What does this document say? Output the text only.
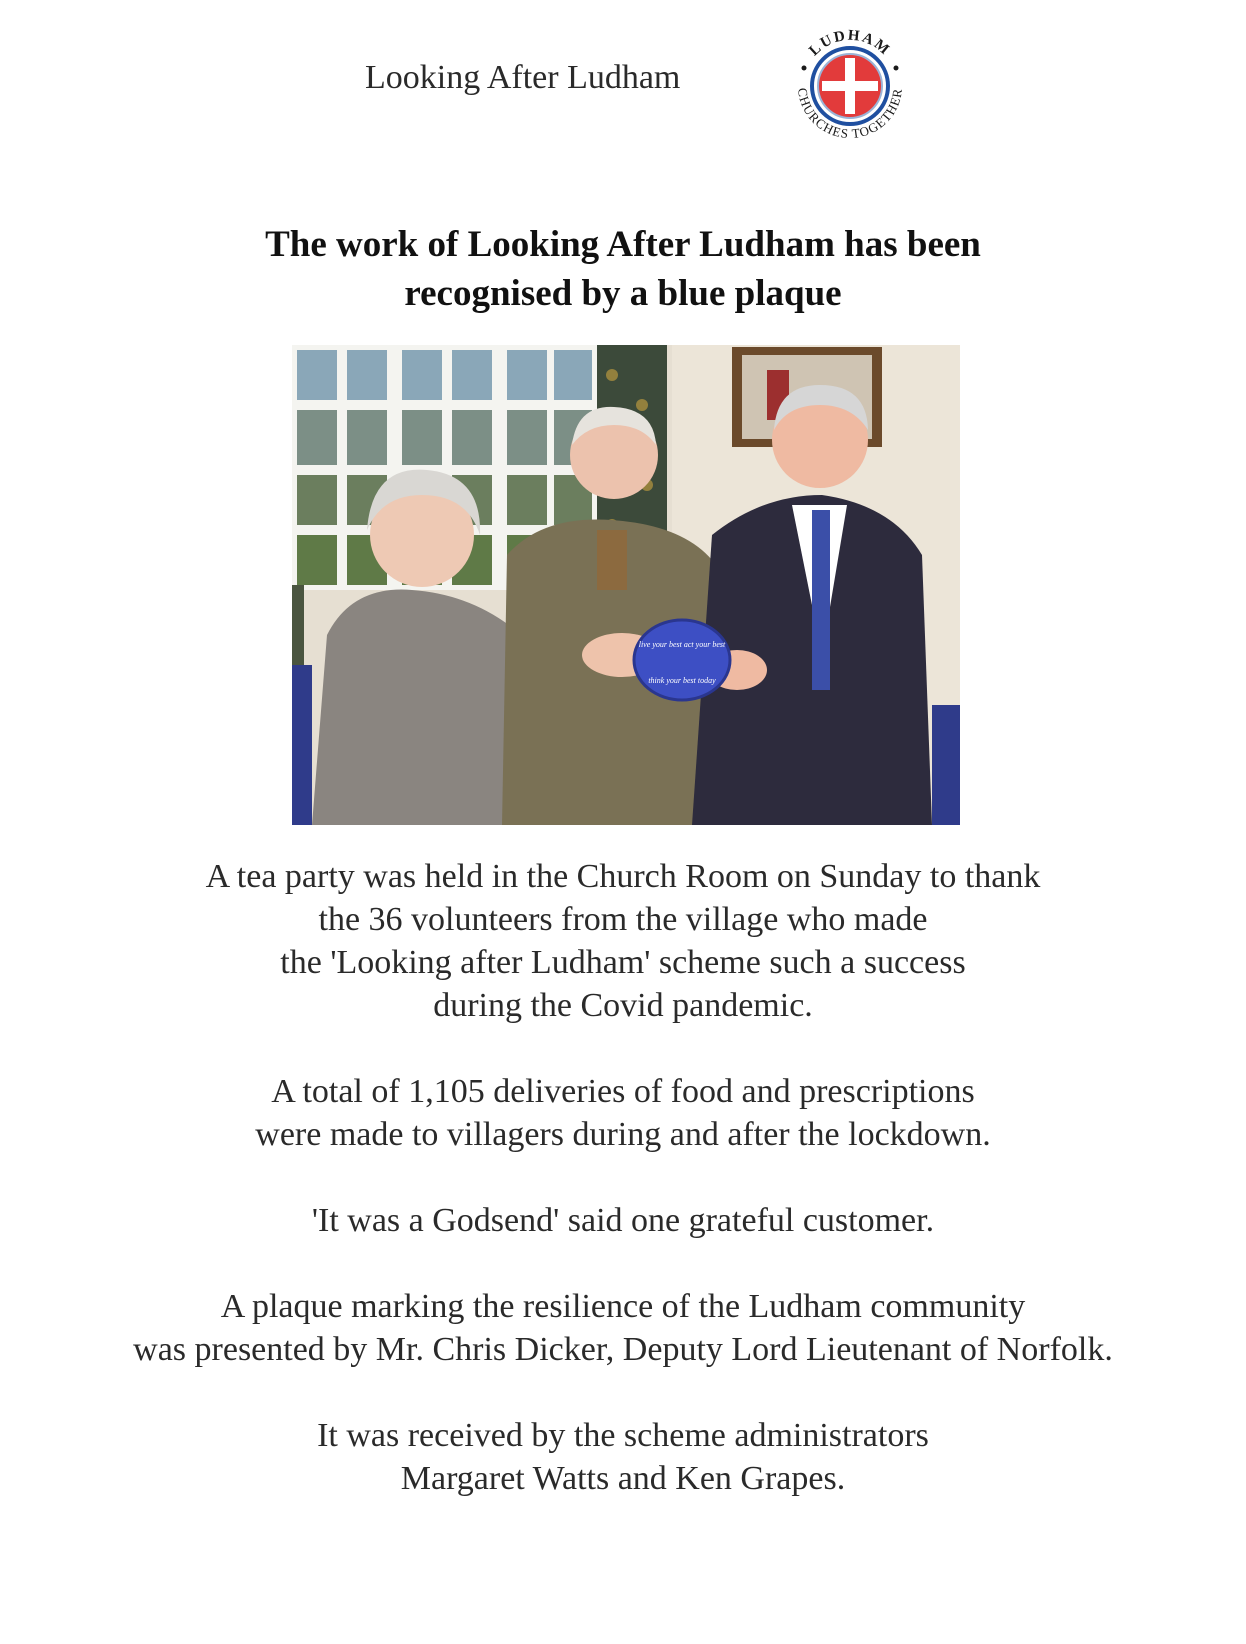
Looking After Ludham
LUDHAM
CHURCHES TOGETHER
The work of Looking After Ludham has been
recognised by a blue plaque
live your best act your best
think your best today

A tea party was held in the Church Room on Sunday to thank
the 36 volunteers from the village who made
the 'Looking after Ludham' scheme such a success
during the Covid pandemic.

A total of 1,105 deliveries of food and prescriptions
were made to villagers during and after the lockdown.

'It was a Godsend' said one grateful customer.

A plaque marking the resilience of the Ludham community
was presented by Mr. Chris Dicker, Deputy Lord Lieutenant of Norfolk.

It was received by the scheme administrators
Margaret Watts and Ken Grapes.
